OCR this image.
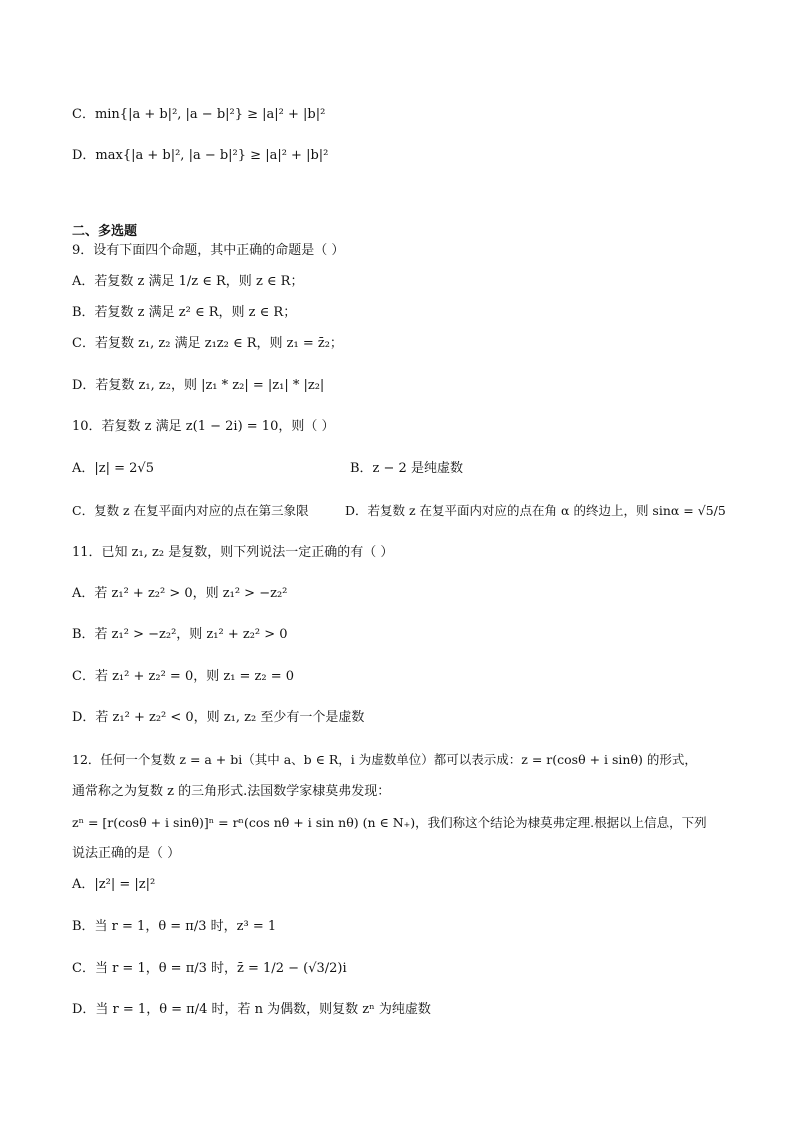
C．min{|a + b|², |a − b|²} ≥ |a|² + |b|²
D．max{|a + b|², |a − b|²} ≥ |a|² + |b|²
二、多选题
9．设有下面四个命题，其中正确的命题是（ ）
A．若复数 z 满足 1/z ∈ R，则 z ∈ R；
B．若复数 z 满足 z² ∈ R，则 z ∈ R；
C．若复数 z₁, z₂ 满足 z₁z₂ ∈ R，则 z₁ = z̄₂；
D．若复数 z₁, z₂，则 |z₁ * z₂| = |z₁| * |z₂|
10．若复数 z 满足 z(1 − 2i) = 10，则（ ）
A．|z| = 2√5	B．z − 2 是纯虚数
C．复数 z 在复平面内对应的点在第三象限	D．若复数 z 在复平面内对应的点在角 α 的终边上，则 sinα = √5/5
11．已知 z₁, z₂ 是复数，则下列说法一定正确的有（ ）
A．若 z₁² + z₂² > 0，则 z₁² > −z₂²
B．若 z₁² > −z₂²，则 z₁² + z₂² > 0
C．若 z₁² + z₂² = 0，则 z₁ = z₂ = 0
D．若 z₁² + z₂² < 0，则 z₁, z₂ 至少有一个是虚数
12．任何一个复数 z = a + bi（其中 a、b ∈ R，i 为虚数单位）都可以表示成：z = r(cosθ + i sinθ) 的形式，
通常称之为复数 z 的三角形式.法国数学家棣莫弗发现：
zⁿ = [r(cosθ + i sinθ)]ⁿ = rⁿ(cos nθ + i sin nθ) (n ∈ N₊)，我们称这个结论为棣莫弗定理.根据以上信息，下列
说法正确的是（ ）
A．|z²| = |z|²
B．当 r = 1，θ = π/3 时，z³ = 1
C．当 r = 1，θ = π/3 时，z̄ = 1/2 − (√3/2)i
D．当 r = 1，θ = π/4 时，若 n 为偶数，则复数 zⁿ 为纯虚数
